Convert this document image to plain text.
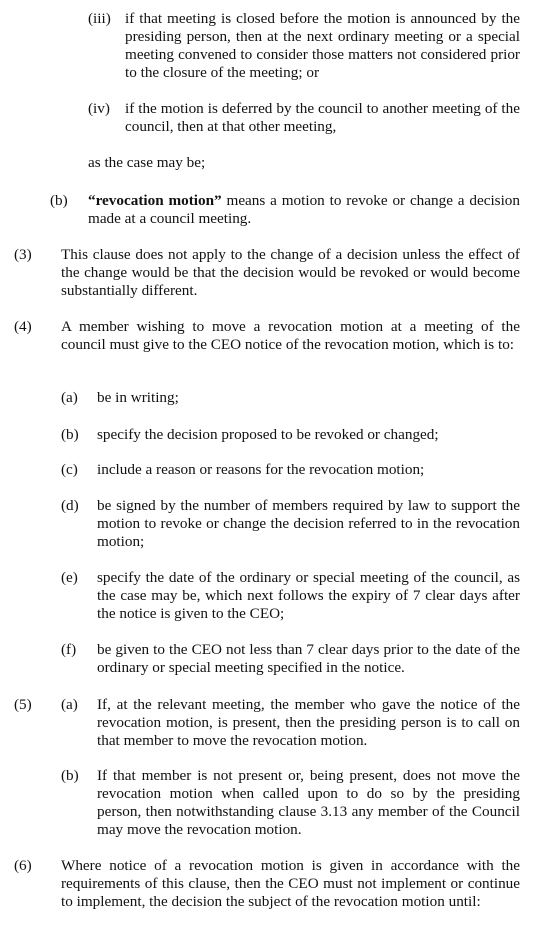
(iii) if that meeting is closed before the motion is announced by the presiding person, then at the next ordinary meeting or a special meeting convened to consider those matters not considered prior to the closure of the meeting; or
(iv) if the motion is deferred by the council to another meeting of the council, then at that other meeting,
as the case may be;
(b) “revocation motion” means a motion to revoke or change a decision made at a council meeting.
(3) This clause does not apply to the change of a decision unless the effect of the change would be that the decision would be revoked or would become substantially different.
(4) A member wishing to move a revocation motion at a meeting of the council must give to the CEO notice of the revocation motion, which is to:
(a) be in writing;
(b) specify the decision proposed to be revoked or changed;
(c) include a reason or reasons for the revocation motion;
(d) be signed by the number of members required by law to support the motion to revoke or change the decision referred to in the revocation motion;
(e) specify the date of the ordinary or special meeting of the council, as the case may be, which next follows the expiry of 7 clear days after the notice is given to the CEO;
(f) be given to the CEO not less than 7 clear days prior to the date of the ordinary or special meeting specified in the notice.
(5) (a) If, at the relevant meeting, the member who gave the notice of the revocation motion, is present, then the presiding person is to call on that member to move the revocation motion.
(b) If that member is not present or, being present, does not move the revocation motion when called upon to do so by the presiding person, then notwithstanding clause 3.13 any member of the Council may move the revocation motion.
(6) Where notice of a revocation motion is given in accordance with the requirements of this clause, then the CEO must not implement or continue to implement, the decision the subject of the revocation motion until:
